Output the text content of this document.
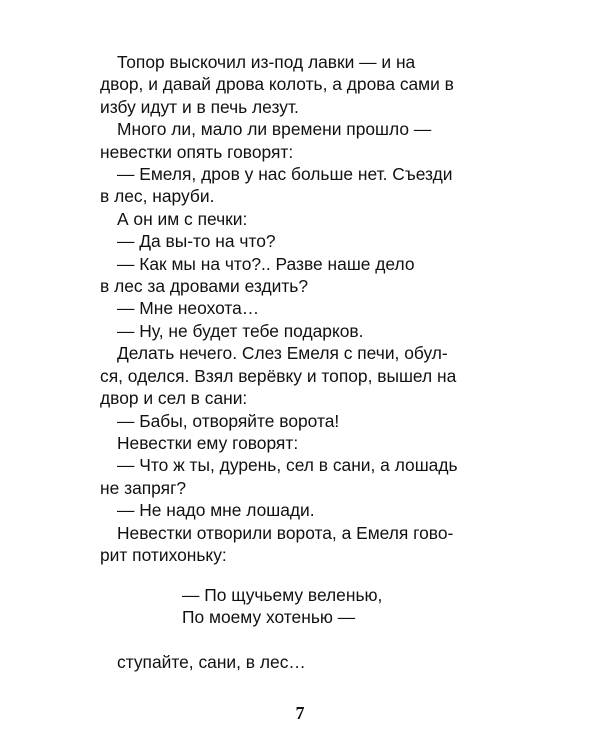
Топор выскочил из-под лавки — и на
двор, и давай дрова колоть, а дрова сами в
избу идут и в печь лезут.
Много ли, мало ли времени прошло —
невестки опять говорят:
— Емеля, дров у нас больше нет. Съезди
в лес, наруби.
А он им с печки:
— Да вы-то на что?
— Как мы на что?.. Разве наше дело
в лес за дровами ездить?
— Мне неохота…
— Ну, не будет тебе подарков.
Делать нечего. Слез Емеля с печи, обул-
ся, оделся. Взял верёвку и топор, вышел на
двор и сел в сани:
— Бабы, отворяйте ворота!
Невестки ему говорят:
— Что ж ты, дурень, сел в сани, а лошадь
не запряг?
— Не надо мне лошади.
Невестки отворили ворота, а Емеля гово-
рит потихоньку:
— По щучьему веленью,
По моему хотенью —
ступайте, сани, в лес…
7
